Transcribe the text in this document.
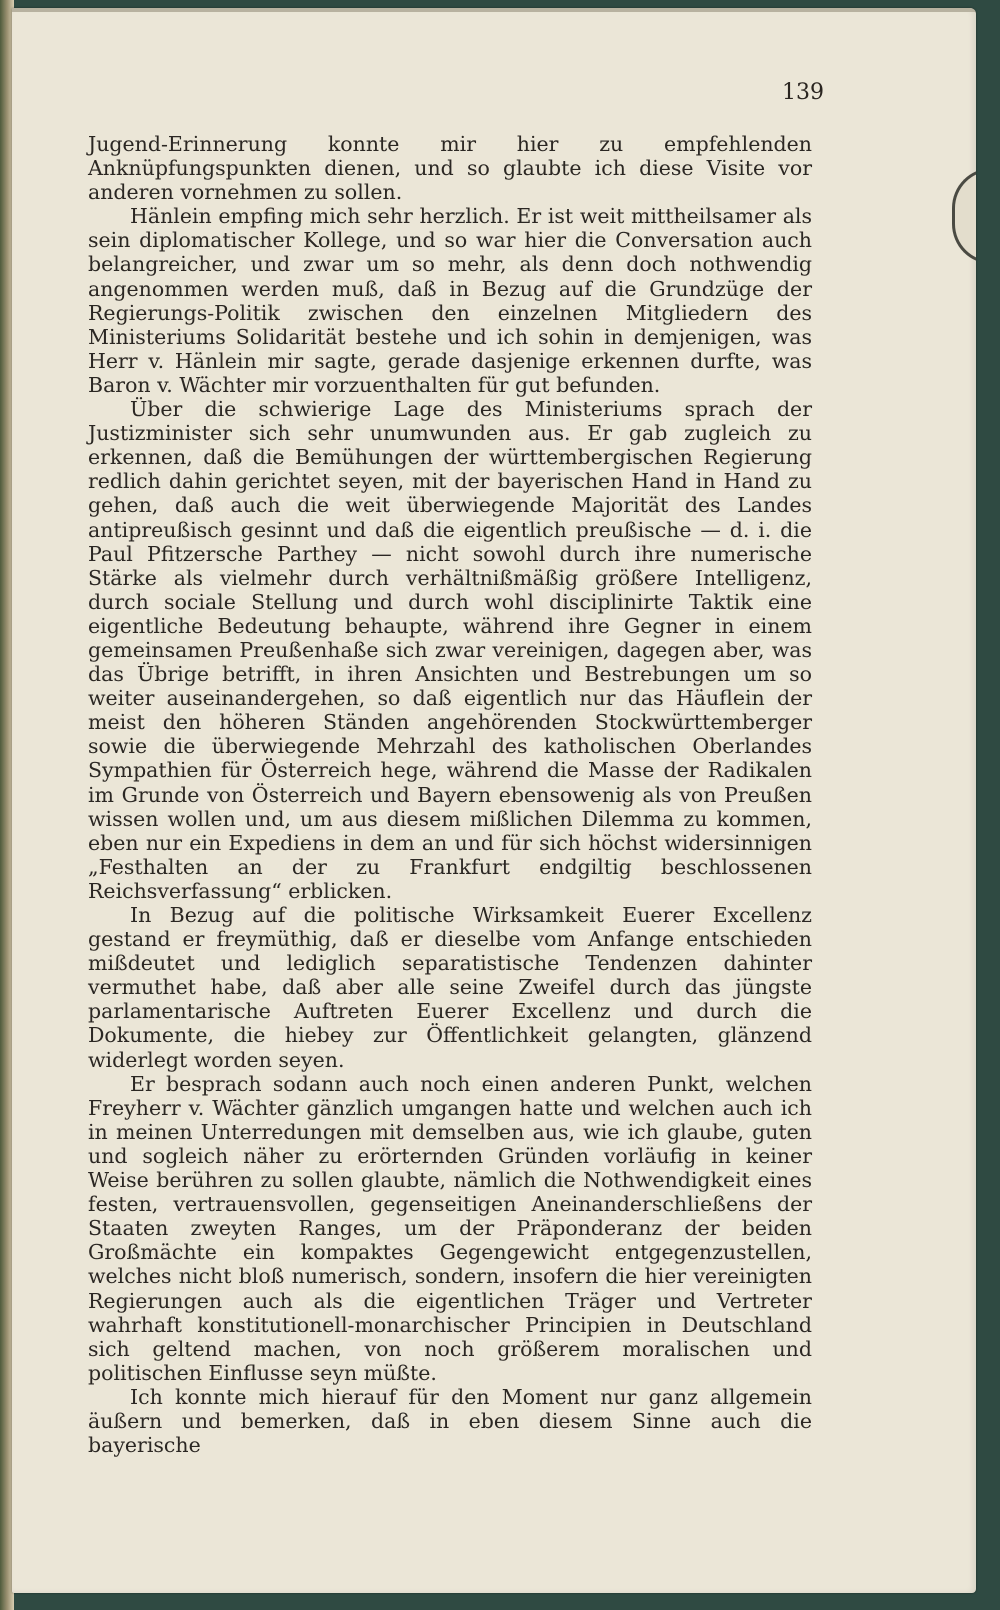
139

Jugend-Erinnerung konnte mir hier zu empfehlenden Anknüpfungspunkten dienen, und so glaubte ich diese Visite vor anderen vornehmen zu sollen.

Hänlein empfing mich sehr herzlich. Er ist weit mittheilsamer als sein diplomatischer Kollege, und so war hier die Conversation auch belangreicher, und zwar um so mehr, als denn doch nothwendig angenommen werden muß, daß in Bezug auf die Grundzüge der Regierungs-Politik zwischen den einzelnen Mitgliedern des Ministeriums Solidarität bestehe und ich sohin in demjenigen, was Herr v. Hänlein mir sagte, gerade dasjenige erkennen durfte, was Baron v. Wächter mir vorzuenthalten für gut befunden.

Über die schwierige Lage des Ministeriums sprach der Justizminister sich sehr unumwunden aus. Er gab zugleich zu erkennen, daß die Bemühungen der württembergischen Regierung redlich dahin gerichtet seyen, mit der bayerischen Hand in Hand zu gehen, daß auch die weit überwiegende Majorität des Landes antipreußisch gesinnt und daß die eigentlich preußische — d. i. die Paul Pfitzersche Parthey — nicht sowohl durch ihre numerische Stärke als vielmehr durch verhältnißmäßig größere Intelligenz, durch sociale Stellung und durch wohl disciplinirte Taktik eine eigentliche Bedeutung behaupte, während ihre Gegner in einem gemeinsamen Preußenhaße sich zwar vereinigen, dagegen aber, was das Übrige betrifft, in ihren Ansichten und Bestrebungen um so weiter auseinandergehen, so daß eigentlich nur das Häuflein der meist den höheren Ständen angehörenden Stockwürttemberger sowie die überwiegende Mehrzahl des katholischen Oberlandes Sympathien für Österreich hege, während die Masse der Radikalen im Grunde von Österreich und Bayern ebensowenig als von Preußen wissen wollen und, um aus diesem mißlichen Dilemma zu kommen, eben nur ein Expediens in dem an und für sich höchst widersinnigen „Festhalten an der zu Frankfurt endgiltig beschlossenen Reichsverfassung“ erblicken.

In Bezug auf die politische Wirksamkeit Euerer Excellenz gestand er freymüthig, daß er dieselbe vom Anfange entschieden mißdeutet und lediglich separatistische Tendenzen dahinter vermuthet habe, daß aber alle seine Zweifel durch das jüngste parlamentarische Auftreten Euerer Excellenz und durch die Dokumente, die hiebey zur Öffentlichkeit gelangten, glänzend widerlegt worden seyen.

Er besprach sodann auch noch einen anderen Punkt, welchen Freyherr v. Wächter gänzlich umgangen hatte und welchen auch ich in meinen Unterredungen mit demselben aus, wie ich glaube, guten und sogleich näher zu erörternden Gründen vorläufig in keiner Weise berühren zu sollen glaubte, nämlich die Nothwendigkeit eines festen, vertrauensvollen, gegenseitigen Aneinanderschließens der Staaten zweyten Ranges, um der Präponderanz der beiden Großmächte ein kompaktes Gegengewicht entgegenzustellen, welches nicht bloß numerisch, sondern, insofern die hier vereinigten Regierungen auch als die eigentlichen Träger und Vertreter wahrhaft konstitutionell-monarchischer Principien in Deutschland sich geltend machen, von noch größerem moralischen und politischen Einflusse seyn müßte.

Ich konnte mich hierauf für den Moment nur ganz allgemein äußern und bemerken, daß in eben diesem Sinne auch die bayerische
